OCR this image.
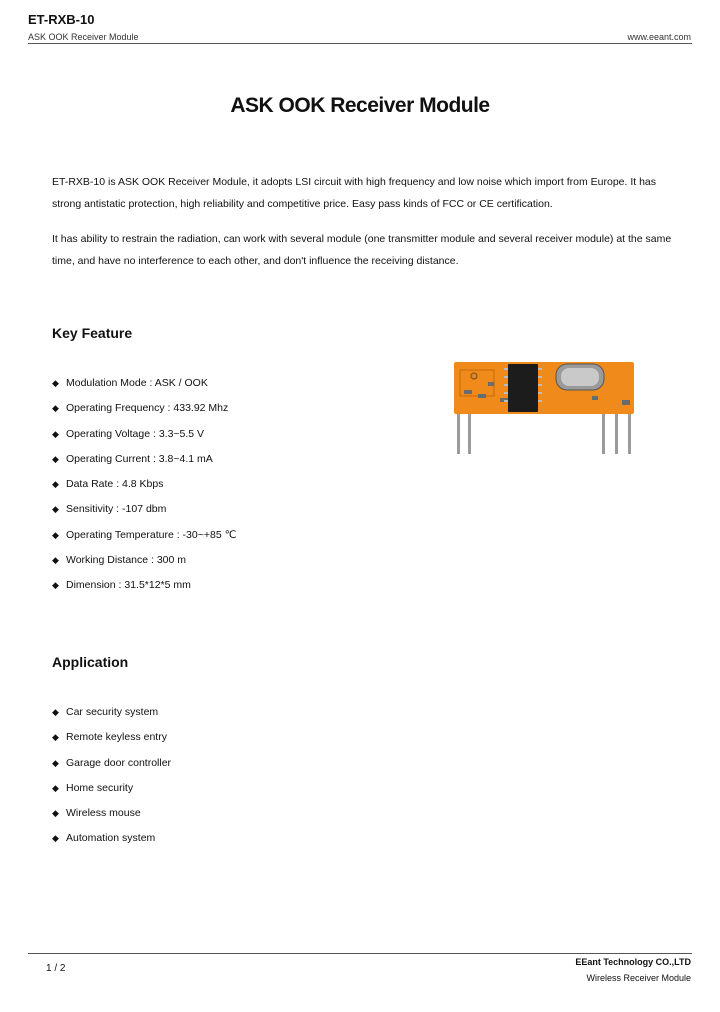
ET-RXB-10
ASK OOK Receiver Module	www.eeant.com
ASK OOK Receiver Module
ET-RXB-10 is ASK OOK Receiver Module, it adopts LSI circuit with high frequency and low noise which import from Europe. It has strong antistatic protection, high reliability and competitive price. Easy pass kinds of FCC or CE certification.
It has ability to restrain the radiation, can work with several module (one transmitter module and several receiver module) at the same time, and have no interference to each other, and don't influence the receiving distance.
Key Feature
◆ Modulation Mode : ASK / OOK
◆ Operating Frequency : 433.92 Mhz
◆ Operating Voltage : 3.3~5.5 V
◆ Operating Current : 3.8~4.1 mA
◆ Data Rate : 4.8 Kbps
◆ Sensitivity : -107 dbm
◆ Operating Temperature : -30~+85 ℃
◆ Working Distance : 300 m
◆ Dimension : 31.5*12*5 mm
Application
◆ Car security system
◆ Remote keyless entry
◆ Garage door controller
◆ Home security
◆ Wireless mouse
◆ Automation system
1 / 2
EEant Technology CO.,LTD
Wireless Receiver Module
